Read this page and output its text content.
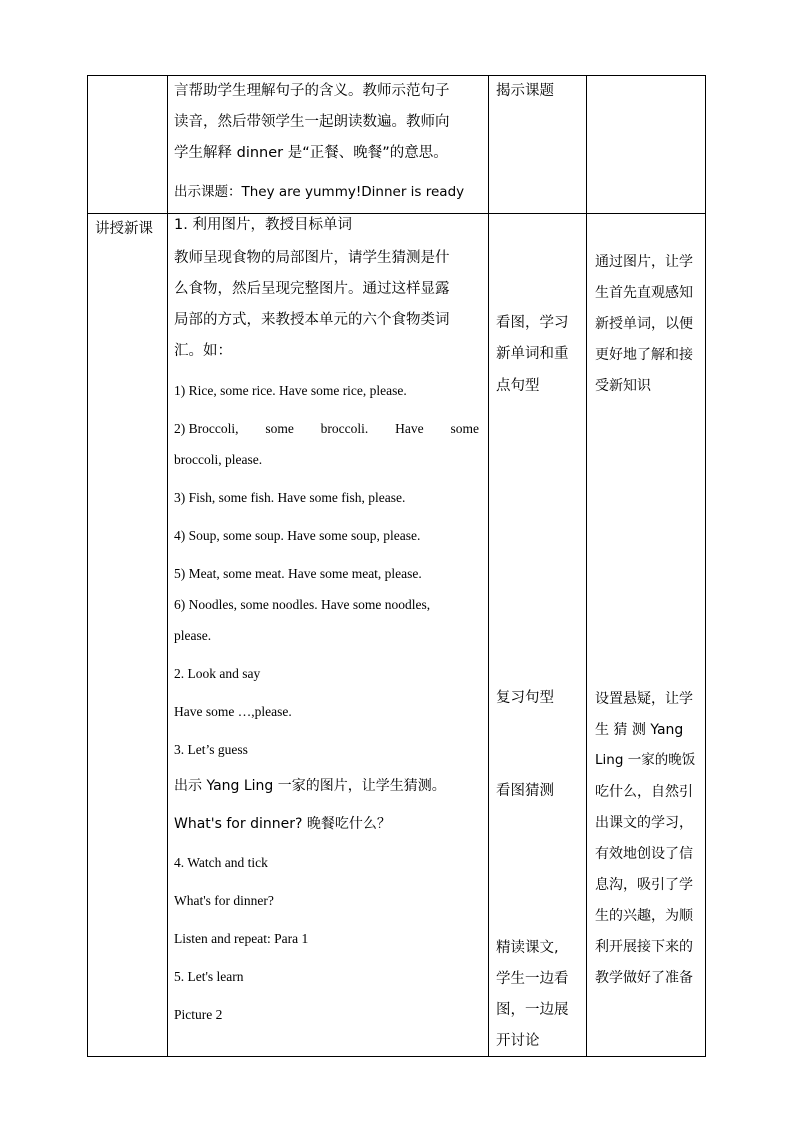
言帮助学生理解句子的含义。教师示范句子
读音，然后带领学生一起朗读数遍。教师向
学生解释 dinner 是“正餐、晚餐”的意思。
出示课题：They are yummy!Dinner is ready
揭示课题
讲授新课 1. 利用图片，教授目标单词
教师呈现食物的局部图片，请学生猜测是什
么食物，然后呈现完整图片。通过这样显露
局部的方式，来教授本单元的六个食物类词
汇。如：
1) Rice, some rice. Have some rice, please.
2) Broccoli, some broccoli. Have some
broccoli, please.
3) Fish, some fish. Have some fish, please.
4) Soup, some soup. Have some soup, please.
5) Meat, some meat. Have some meat, please.
6) Noodles, some noodles. Have some noodles,
please.
2. Look and say
Have some …,please.
3. Let’s guess
出示 Yang Ling 一家的图片，让学生猜测。
What's for dinner? 晚餐吃什么？
4. Watch and tick
What's for dinner?
Listen and repeat: Para 1
5. Let's learn
Picture 2
看图，学习
新单词和重
点句型
复习句型
看图猜测
精读课文,
学生一边看
图，一边展
开讨论
通过图片，让学
生首先直观感知
新授单词，以便
更好地了解和接
受新知识
设置悬疑，让学
生 猜 测 Yang
Ling 一家的晚饭
吃什么，自然引
出课文的学习，
有效地创设了信
息沟，吸引了学
生的兴趣，为顺
利开展接下来的
教学做好了准备
